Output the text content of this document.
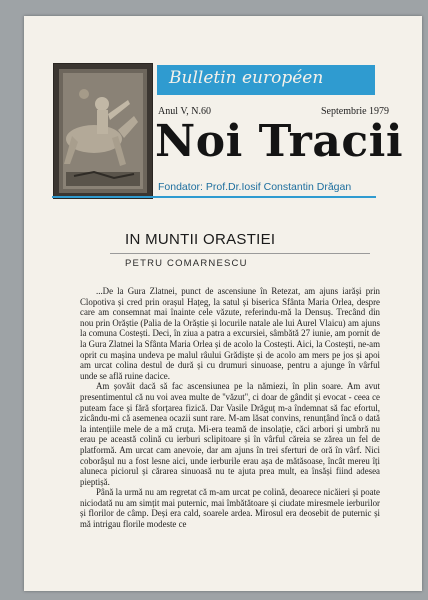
Bulletin européen
Anul V, N.60	Septembrie 1979
Noi Tracii
Fondator: Prof.Dr.Iosif Constantin Drăgan
IN MUNTII ORASTIEI
PETRU COMARNESCU

...De la Gura Zlatnei, punct de ascensiune în Retezat, am ajuns iarăși prin Clopotiva și cred prin orașul Hațeg, la satul și biserica Sfânta Maria Orlea, despre care am consemnat mai înainte cele văzute, referindu-mă la Densuș. Trecând din nou prin Orăștie (Palia de la Orăștie și locurile natale ale lui Aurel Vlaicu) am ajuns la comuna Costești. Deci, în ziua a patra a excursiei, sâmbătă 27 iunie, am pornit de la Gura Zlatnei la Sfânta Maria Orlea și de acolo la Costești. Aici, la Costești, ne-am oprit cu mașina undeva pe malul râului Grădiște și de acolo am mers pe jos și apoi am urcat colina destul de dură și cu drumuri sinuoase, pentru a ajunge în vârful unde se află ruine dacice.

Am șovăit dacă să fac ascensiunea pe la nămiezi, în plin soare. Am avut presentimentul că nu voi avea multe de ''văzut'', ci doar de gândit și evocat - ceea ce puteam face și fără sforțarea fizică. Dar Vasile Drăguț m-a îndemnat să fac efortul, zicându-mi că asemenea ocazii sunt rare. M-am lăsat convins, renunțând încă o dată la intențiile mele de a mă cruța. Mi-era teamă de insolație, căci arbori și umbră nu erau pe această colină cu ierburi sclipitoare și în vârful căreia se zărea un fel de platformă. Am urcat cam anevoie, dar am ajuns în trei sferturi de oră în vârf. Nici coborâșul nu a fost lesne aici, unde ierburile erau așa de mătăsoase, încât mereu îți aluneca piciorul și cărarea sinuoasă nu te ajuta prea mult, ea însăși fiind adesea pieptișă.

Până la urmă nu am regretat că m-am urcat pe colină, deoarece nicăieri și poate niciodată nu am simțit mai puternic, mai îmbătătoare și ciudate miresmele ierburilor și florilor de câmp. Deși era cald, soarele ardea. Mirosul era deosebit de puternic și mă intrigau florile modeste ce
